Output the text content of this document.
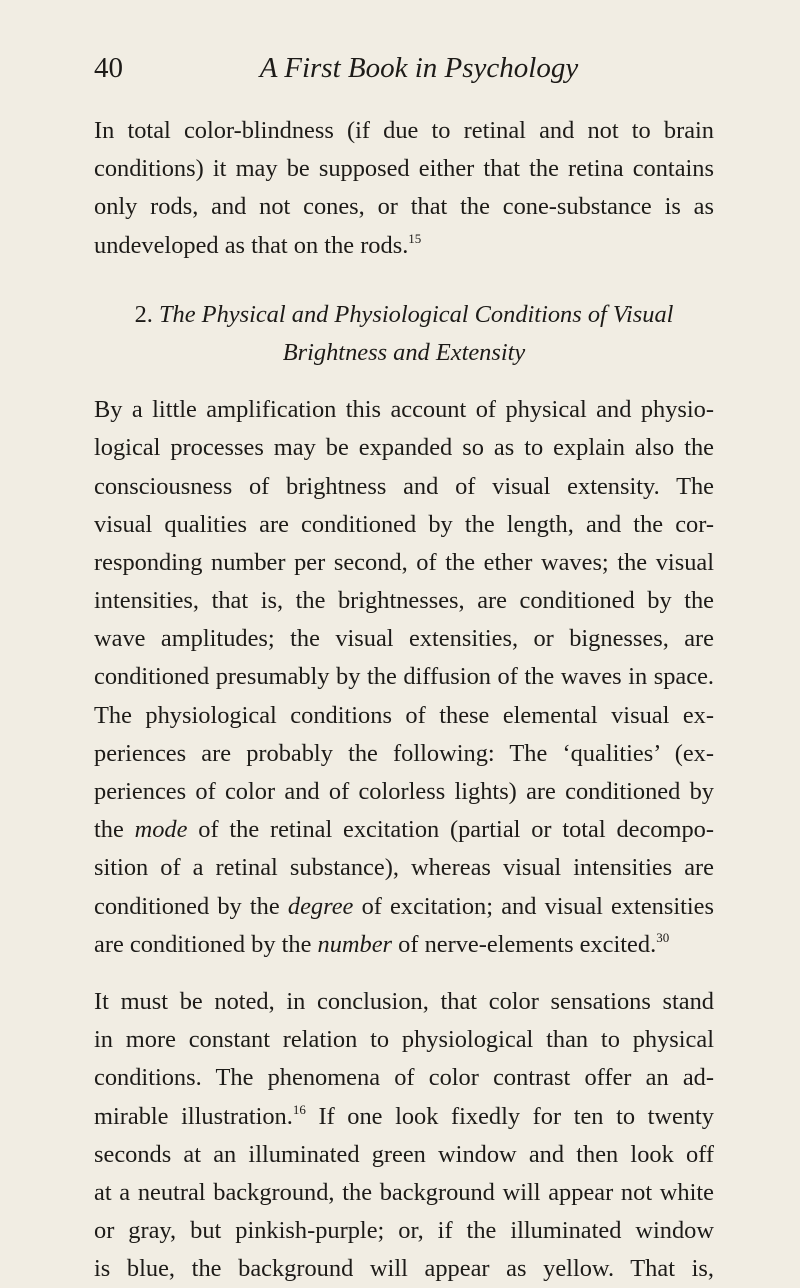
40	A First Book in Psychology
In total color-blindness (if due to retinal and not to brain
conditions) it may be supposed either that the retina contains
only rods, and not cones, or that the cone-substance is as
undeveloped as that on the rods.$^{15}$
2. The Physical and Physiological Conditions of Visual
Brightness and Extensity
By a little amplification this account of physical and physio-
logical processes may be expanded so as to explain also the
consciousness of brightness and of visual extensity. The
visual qualities are conditioned by the length, and the cor-
responding number per second, of the ether waves; the visual
intensities, that is, the brightnesses, are conditioned by the
wave amplitudes; the visual extensities, or bignesses, are
conditioned presumably by the diffusion of the waves in space.
The physiological conditions of these elemental visual ex-
periences are probably the following: The ‘qualities’ (ex-
periences of color and of colorless lights) are conditioned by
the mode of the retinal excitation (partial or total decompo-
sition of a retinal substance), whereas visual intensities are
conditioned by the degree of excitation; and visual extensities
are conditioned by the number of nerve-elements excited.$^{30}$
It must be noted, in conclusion, that color sensations stand
in more constant relation to physiological than to physical
conditions. The phenomena of color contrast offer an ad-
mirable illustration.$^{16}$ If one look fixedly for ten to twenty
seconds at an illuminated green window and then look off
at a neutral background, the background will appear not white
or gray, but pinkish-purple; or, if the illuminated window
is blue, the background will appear as yellow. That is,
